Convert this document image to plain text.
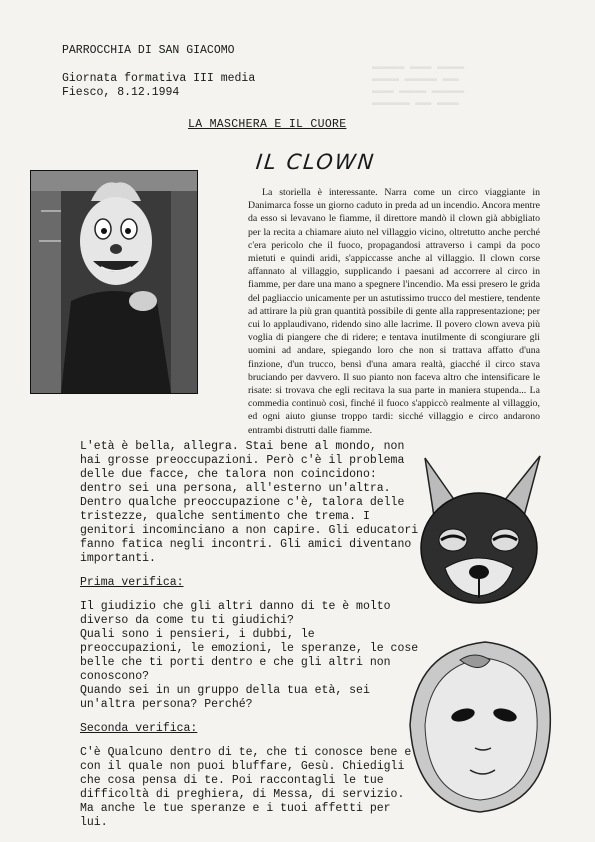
▬▬▬▬▬▬ ▬▬▬▬ ▬▬▬▬▬
▬▬▬▬▬ ▬▬▬▬▬▬ ▬▬▬
▬▬▬▬ ▬▬▬▬▬ ▬▬▬▬▬▬
▬▬▬▬▬▬▬ ▬▬▬ ▬▬▬▬
PARROCCHIA DI SAN GIACOMO
Giornata formativa III media
Fiesco, 8.12.1994
LA MASCHERA E IL CUORE
IL CLOWN

La storiella è interessante. Narra come un circo viaggiante in Danimarca fosse un giorno caduto in preda ad un incendio. Ancora mentre da esso si levavano le fiamme, il direttore mandò il clown già abbigliato per la recita a chiamare aiuto nel villaggio vicino, oltretutto anche perché c'era pericolo che il fuoco, propagandosi attraverso i campi da poco mietuti e quindi aridi, s'appiccasse anche al villaggio. Il clown corse affannato al villaggio, supplicando i paesani ad accorrere al circo in fiamme, per dare una mano a spegnere l'incendio. Ma essi presero le grida del pagliaccio unicamente per un astutissimo trucco del mestiere, tendente ad attirare la più gran quantità possibile di gente alla rappresentazione; per cui lo applaudivano, ridendo sino alle lacrime. Il povero clown aveva più voglia di piangere che di ridere; e tentava inutilmente di scongiurare gli uomini ad andare, spiegando loro che non si trattava affatto d'una finzione, d'un trucco, bensì d'una amara realtà, giacché il circo stava bruciando per davvero. Il suo pianto non faceva altro che intensificare le risate: si trovava che egli recitava la sua parte in maniera stupenda... La commedia continuò così, finché il fuoco s'appiccò realmente al villaggio, ed ogni aiuto giunse troppo tardi: sicché villaggio e circo andarono entrambi distrutti dalle fiamme.

L'età è bella, allegra. Stai bene al mondo, non hai grosse preoccupazioni. Però c'è il problema delle due facce, che talora non coincidono: dentro sei una persona, all'esterno un'altra. Dentro qualche preoccupazione c'è, talora delle tristezze, qualche sentimento che trema. I genitori incominciano a non capire. Gli educatori fanno fatica negli incontri. Gli amici diventano importanti.

Prima verifica:

Il giudizio che gli altri danno di te è molto diverso da come tu ti giudichi?

Quali sono i pensieri, i dubbi, le preoccupazioni, le emozioni, le speranze, le cose belle che ti porti dentro e che gli altri non conoscono?

Quando sei in un gruppo della tua età, sei un'altra persona? Perché?

Seconda verifica:

C'è Qualcuno dentro di te, che ti conosce bene e con il quale non puoi bluffare, Gesù. Chiedigli che cosa pensa di te. Poi raccontagli le tue difficoltà di preghiera, di Messa, di servizio. Ma anche le tue speranze e i tuoi affetti per lui.
